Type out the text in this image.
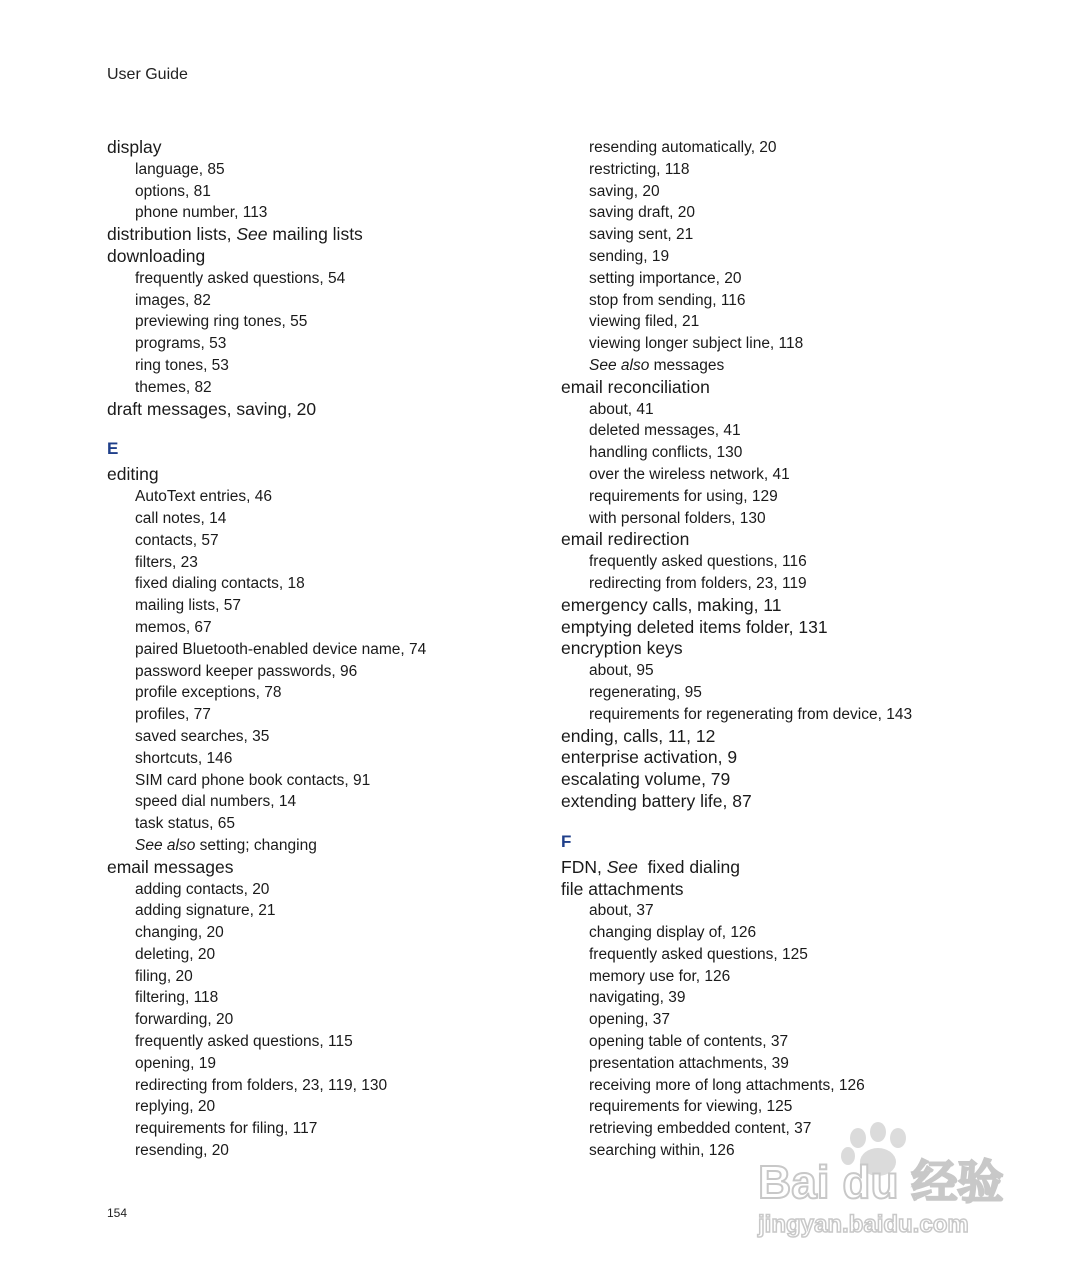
User Guide
display
language, 85
options, 81
phone number, 113
distribution lists, See mailing lists
downloading
frequently asked questions, 54
images, 82
previewing ring tones, 55
programs, 53
ring tones, 53
themes, 82
draft messages, saving, 20
E
editing
AutoText entries, 46
call notes, 14
contacts, 57
filters, 23
fixed dialing contacts, 18
mailing lists, 57
memos, 67
paired Bluetooth-enabled device name, 74
password keeper passwords, 96
profile exceptions, 78
profiles, 77
saved searches, 35
shortcuts, 146
SIM card phone book contacts, 91
speed dial numbers, 14
task status, 65
See also setting; changing
email messages
adding contacts, 20
adding signature, 21
changing, 20
deleting, 20
filing, 20
filtering, 118
forwarding, 20
frequently asked questions, 115
opening, 19
redirecting from folders, 23, 119, 130
replying, 20
requirements for filing, 117
resending, 20
resending automatically, 20
restricting, 118
saving, 20
saving draft, 20
saving sent, 21
sending, 19
setting importance, 20
stop from sending, 116
viewing filed, 21
viewing longer subject line, 118
See also messages
email reconciliation
about, 41
deleted messages, 41
handling conflicts, 130
over the wireless network, 41
requirements for using, 129
with personal folders, 130
email redirection
frequently asked questions, 116
redirecting from folders, 23, 119
emergency calls, making, 11
emptying deleted items folder, 131
encryption keys
about, 95
regenerating, 95
requirements for regenerating from device, 143
ending, calls, 11, 12
enterprise activation, 9
escalating volume, 79
extending battery life, 87
F
FDN, See  fixed dialing
file attachments
about, 37
changing display of, 126
frequently asked questions, 125
memory use for, 126
navigating, 39
opening, 37
opening table of contents, 37
presentation attachments, 39
receiving more of long attachments, 126
requirements for viewing, 125
retrieving embedded content, 37
searching within, 126
154
Bai du 经验
jingyan.baidu.com
